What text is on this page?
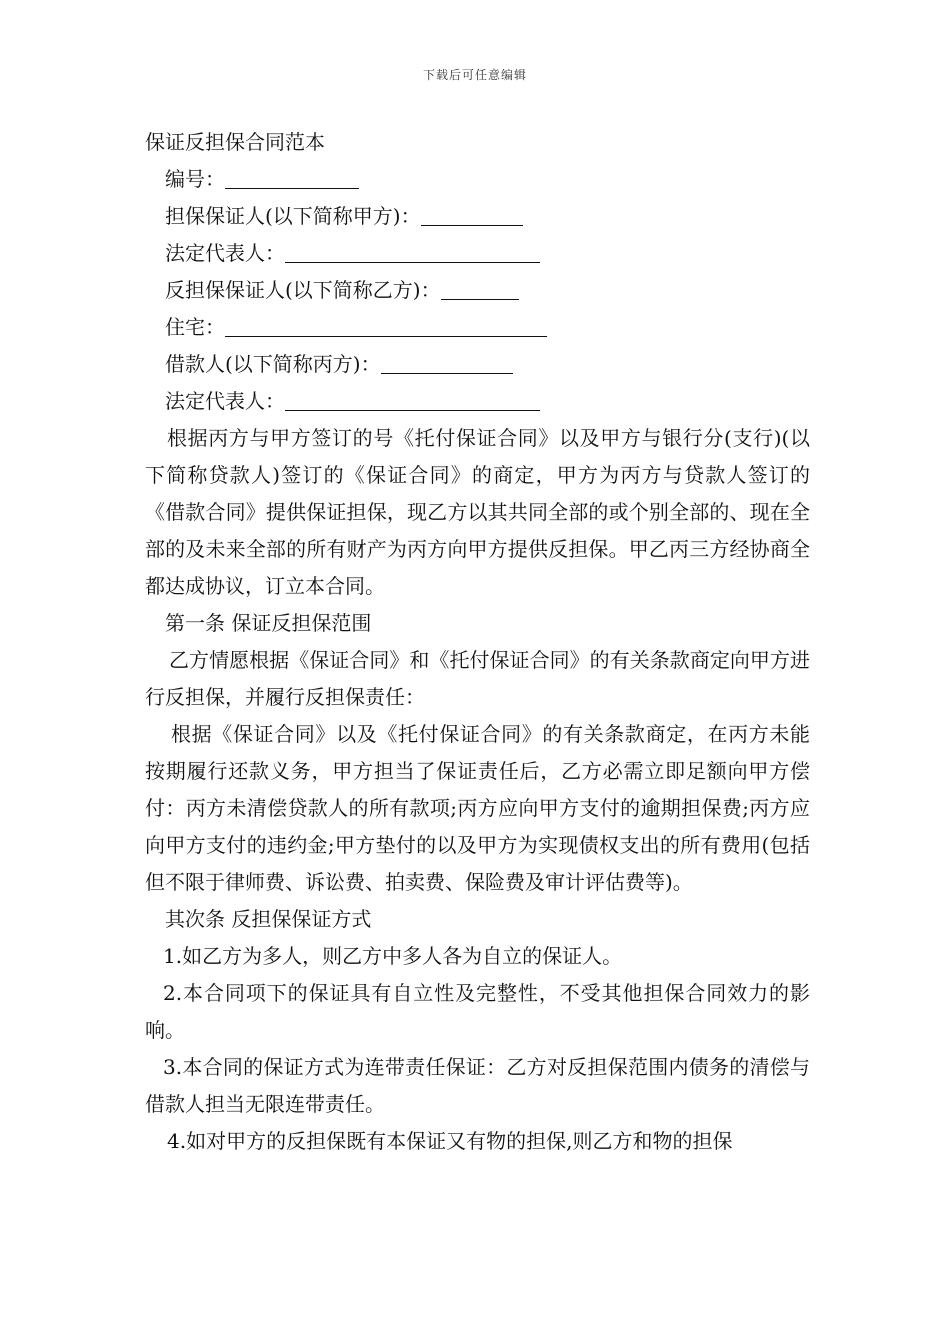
下载后可任意编辑
保证反担保合同范本
编号：
担保保证人(以下简称甲方)：
法定代表人：
反担保保证人(以下简称乙方)：
住宅：
借款人(以下简称丙方)：
法定代表人：
根据丙方与甲方签订的号《托付保证合同》以及甲方与银行分(支行)(以下简称贷款人)签订的《保证合同》的商定，甲方为丙方与贷款人签订的《借款合同》提供保证担保，现乙方以其共同全部的或个别全部的、现在全部的及未来全部的所有财产为丙方向甲方提供反担保。甲乙丙三方经协商全都达成协议，订立本合同。
第一条 保证反担保范围
乙方情愿根据《保证合同》和《托付保证合同》的有关条款商定向甲方进行反担保，并履行反担保责任：
根据《保证合同》以及《托付保证合同》的有关条款商定，在丙方未能按期履行还款义务，甲方担当了保证责任后，乙方必需立即足额向甲方偿付：丙方未清偿贷款人的所有款项;丙方应向甲方支付的逾期担保费;丙方应向甲方支付的违约金;甲方垫付的以及甲方为实现债权支出的所有费用(包括但不限于律师费、诉讼费、拍卖费、保险费及审计评估费等)。
其次条 反担保保证方式
1.如乙方为多人，则乙方中多人各为自立的保证人。
2.本合同项下的保证具有自立性及完整性，不受其他担保合同效力的影响。
3.本合同的保证方式为连带责任保证：乙方对反担保范围内债务的清偿与借款人担当无限连带责任。
4.如对甲方的反担保既有本保证又有物的担保,则乙方和物的担保
